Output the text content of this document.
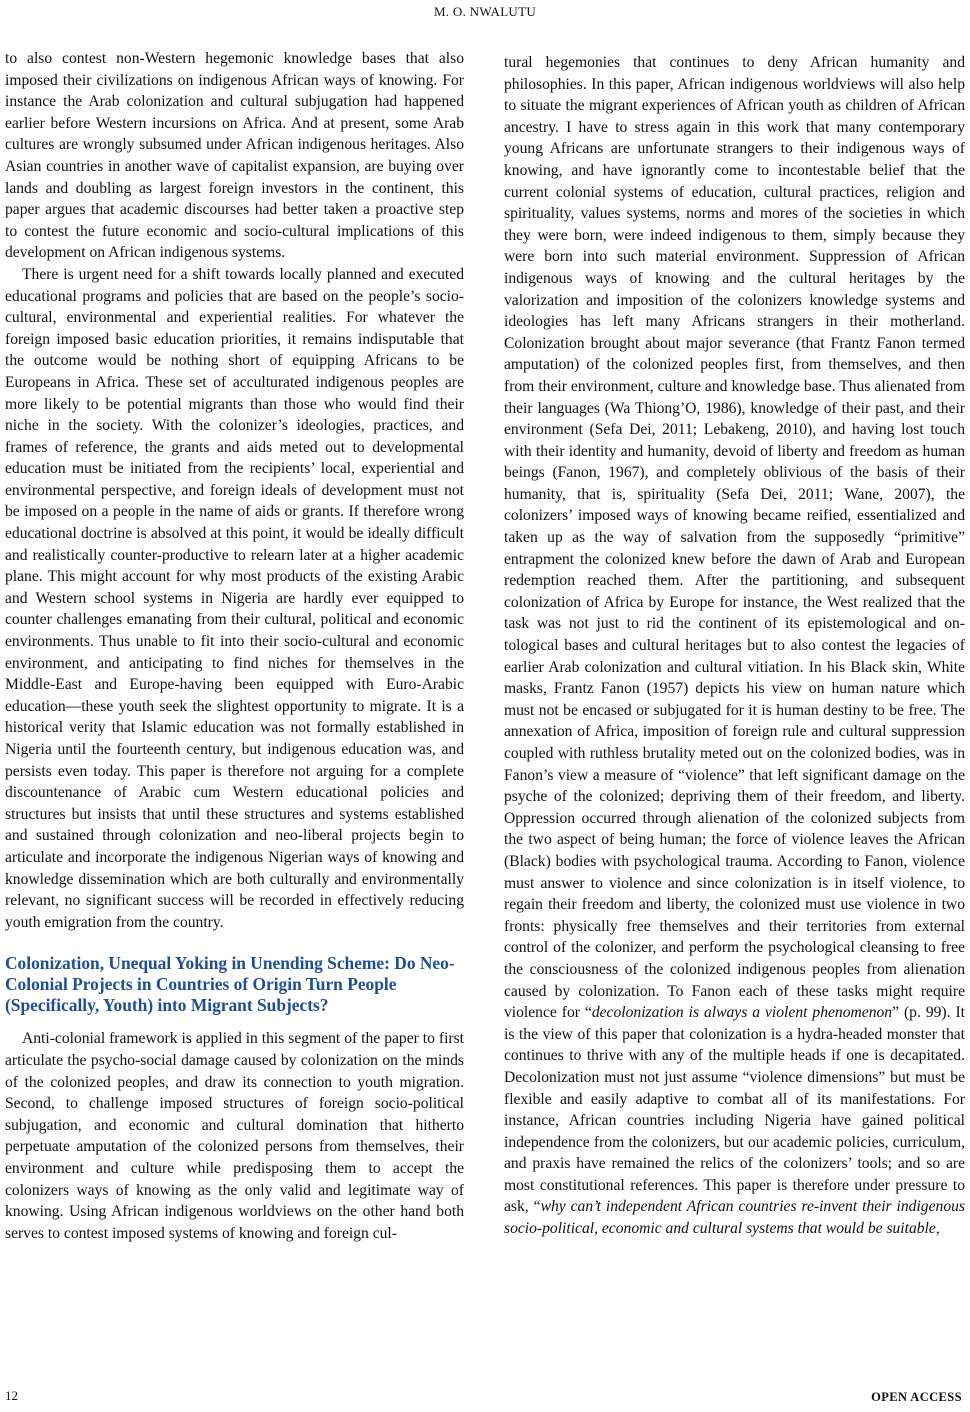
M. O. NWALUTU

to also contest non-Western hegemonic knowledge bases that also imposed their civilizations on indigenous African ways of knowing. For instance the Arab colonization and cultural subjugation had happened earlier before Western incursions on Africa. And at present, some Arab cultures are wrongly subsumed under African indigenous heritages. Also Asian countries in another wave of capitalist expansion, are buying over lands and doubling as largest foreign investors in the continent, this paper argues that academic discourses had better taken a proactive step to contest the future economic and socio-cultural implications of this development on African indigenous systems.

There is urgent need for a shift towards locally planned and executed educational programs and policies that are based on the people’s socio-cultural, environmental and experiential realities. For whatever the foreign imposed basic education priorities, it remains indisputable that the outcome would be nothing short of equipping Africans to be Europeans in Africa. These set of acculturated indigenous peoples are more likely to be potential migrants than those who would find their niche in the society. With the colonizer’s ideologies, practices, and frames of reference, the grants and aids meted out to developmental education must be initiated from the recipients’ local, experiential and environmental perspective, and foreign ideals of development must not be imposed on a people in the name of aids or grants. If therefore wrong educational doctrine is absolved at this point, it would be ideally difficult and realistically counter-productive to relearn later at a higher academic plane. This might account for why most products of the existing Arabic and Western school systems in Nigeria are hardly ever equipped to counter challenges emanating from their cultural, political and economic environments. Thus unable to fit into their socio-cultural and economic environment, and anticipating to find niches for themselves in the Middle-East and Europe-having been equipped with Euro-Arabic education—these youth seek the slightest opportunity to migrate. It is a historical verity that Islamic education was not formally established in Nigeria until the fourteenth century, but indigenous education was, and persists even today. This paper is therefore not arguing for a complete discountenance of Arabic cum Western educational policies and structures but insists that until these structures and systems established and sustained through colonization and neo-liberal projects begin to articulate and incorporate the indigenous Nigerian ways of knowing and knowledge dissemination which are both culturally and environmentally relevant, no significant success will be recorded in effectively reducing youth emigration from the country.

Colonization, Unequal Yoking in Unending Scheme: Do Neo-Colonial Projects in Countries of Origin Turn People (Specifically, Youth) into Migrant Subjects?

Anti-colonial framework is applied in this segment of the paper to first articulate the psycho-social damage caused by colonization on the minds of the colonized peoples, and draw its connection to youth migration. Second, to challenge imposed structures of foreign socio-political subjugation, and economic and cultural domination that hitherto perpetuate amputation of the colonized persons from themselves, their environment and culture while predisposing them to accept the colonizers ways of knowing as the only valid and legitimate way of knowing. Using African indigenous worldviews on the other hand both serves to contest imposed systems of knowing and foreign cul-

tural hegemonies that continues to deny African humanity and philosophies. In this paper, African indigenous worldviews will also help to situate the migrant experiences of African youth as children of African ancestry. I have to stress again in this work that many contemporary young Africans are unfortunate strangers to their indigenous ways of knowing, and have ignorantly come to incontestable belief that the current colonial systems of education, cultural practices, religion and spirituality, values systems, norms and mores of the societies in which they were born, were indeed indigenous to them, simply because they were born into such material environment. Suppression of African indigenous ways of knowing and the cultural heritages by the valorization and imposition of the colonizers knowledge systems and ideologies has left many Africans strangers in their motherland. Colonization brought about major severance (that Frantz Fanon termed amputation) of the colonized peoples first, from themselves, and then from their environment, culture and knowledge base. Thus alienated from their languages (Wa Thiong’O, 1986), knowledge of their past, and their environment (Sefa Dei, 2011; Lebakeng, 2010), and having lost touch with their identity and humanity, devoid of liberty and freedom as human beings (Fanon, 1967), and completely oblivious of the basis of their humanity, that is, spirituality (Sefa Dei, 2011; Wane, 2007), the colonizers’ imposed ways of knowing became reified, essentialized and taken up as the way of salvation from the supposedly “primitive” entrapment the colonized knew before the dawn of Arab and European redemption reached them. After the partitioning, and subsequent colonization of Africa by Europe for instance, the West realized that the task was not just to rid the continent of its epistemological and ontological bases and cultural heritages but to also contest the legacies of earlier Arab colonization and cultural vitiation. In his Black skin, White masks, Frantz Fanon (1957) depicts his view on human nature which must not be encased or subjugated for it is human destiny to be free. The annexation of Africa, imposition of foreign rule and cultural suppression coupled with ruthless brutality meted out on the colonized bodies, was in Fanon’s view a measure of “violence” that left significant damage on the psyche of the colonized; depriving them of their freedom, and liberty. Oppression occurred through alienation of the colonized subjects from the two aspect of being human; the force of violence leaves the African (Black) bodies with psychological trauma. According to Fanon, violence must answer to violence and since colonization is in itself violence, to regain their freedom and liberty, the colonized must use violence in two fronts: physically free themselves and their territories from external control of the colonizer, and perform the psychological cleansing to free the consciousness of the colonized indigenous peoples from alienation caused by colonization. To Fanon each of these tasks might require violence for “decolonization is always a violent phenomenon” (p. 99). It is the view of this paper that colonization is a hydra-headed monster that continues to thrive with any of the multiple heads if one is decapitated. Decolonization must not just assume “violence dimensions” but must be flexible and easily adaptive to combat all of its manifestations. For instance, African countries including Nigeria have gained political independence from the colonizers, but our academic policies, curriculum, and praxis have remained the relics of the colonizers’ tools; and so are most constitutional references. This paper is therefore under pressure to ask, “why can’t independent African countries re-invent their indigenous socio-political, economic and cultural systems that would be suitable,

12	OPEN ACCESS
